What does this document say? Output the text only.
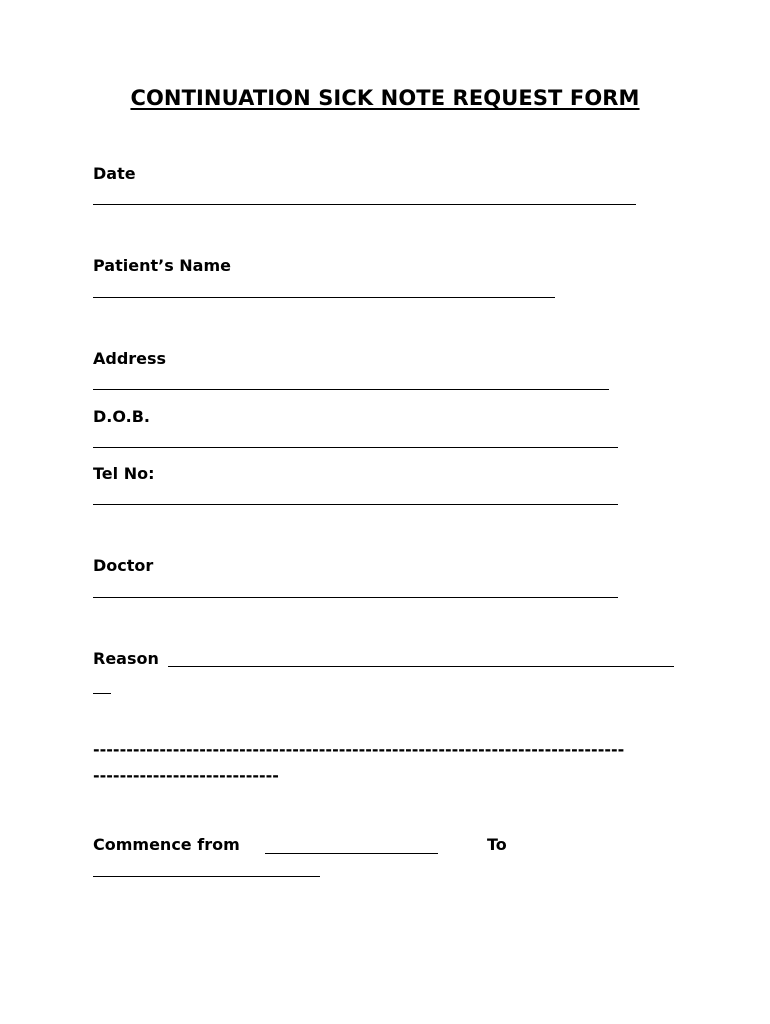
CONTINUATION SICK NOTE REQUEST FORM
Date
Patient’s Name
Address
D.O.B.
Tel No:
Doctor
Reason
--------------------------------------------------------------------------------
----------------------------
Commence from	To
